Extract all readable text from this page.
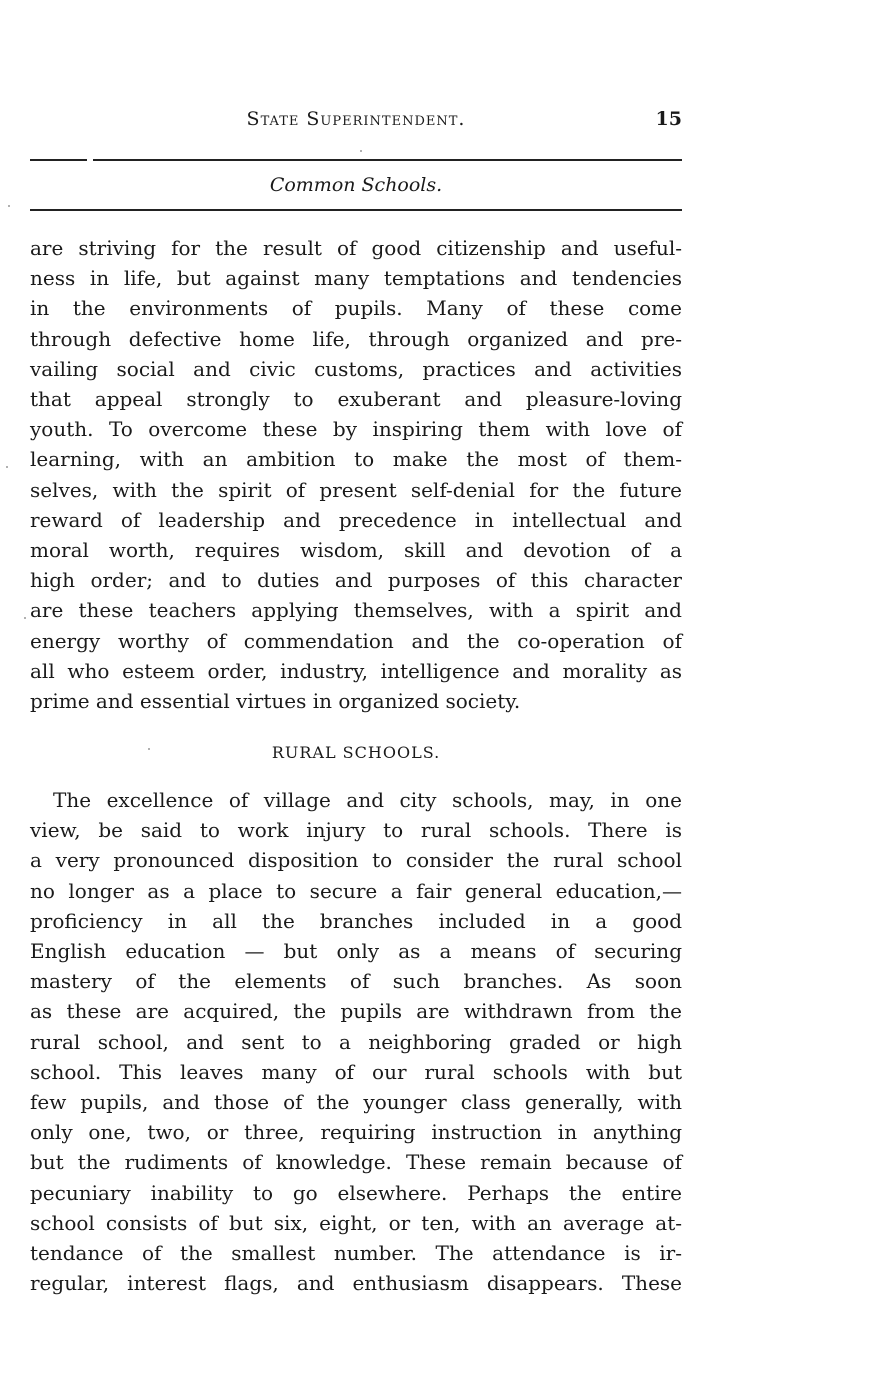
State Superintendent.	15
Common Schools.
are striving for the result of good citizenship and useful-
ness in life, but against many temptations and tendencies
in the environments of pupils. Many of these come
through defective home life, through organized and pre-
vailing social and civic customs, practices and activities
that appeal strongly to exuberant and pleasure-loving
youth. To overcome these by inspiring them with love of
learning, with an ambition to make the most of them-
selves, with the spirit of present self-denial for the future
reward of leadership and precedence in intellectual and
moral worth, requires wisdom, skill and devotion of a
high order; and to duties and purposes of this character
are these teachers applying themselves, with a spirit and
energy worthy of commendation and the co-operation of
all who esteem order, industry, intelligence and morality as
prime and essential virtues in organized society.
RURAL SCHOOLS.
The excellence of village and city schools, may, in one
view, be said to work injury to rural schools. There is
a very pronounced disposition to consider the rural school
no longer as a place to secure a fair general education,—
proficiency in all the branches included in a good
English education — but only as a means of securing
mastery of the elements of such branches. As soon
as these are acquired, the pupils are withdrawn from the
rural school, and sent to a neighboring graded or high
school. This leaves many of our rural schools with but
few pupils, and those of the younger class generally, with
only one, two, or three, requiring instruction in anything
but the rudiments of knowledge. These remain because of
pecuniary inability to go elsewhere. Perhaps the entire
school consists of but six, eight, or ten, with an average at-
tendance of the smallest number. The attendance is ir-
regular, interest flags, and enthusiasm disappears. These
